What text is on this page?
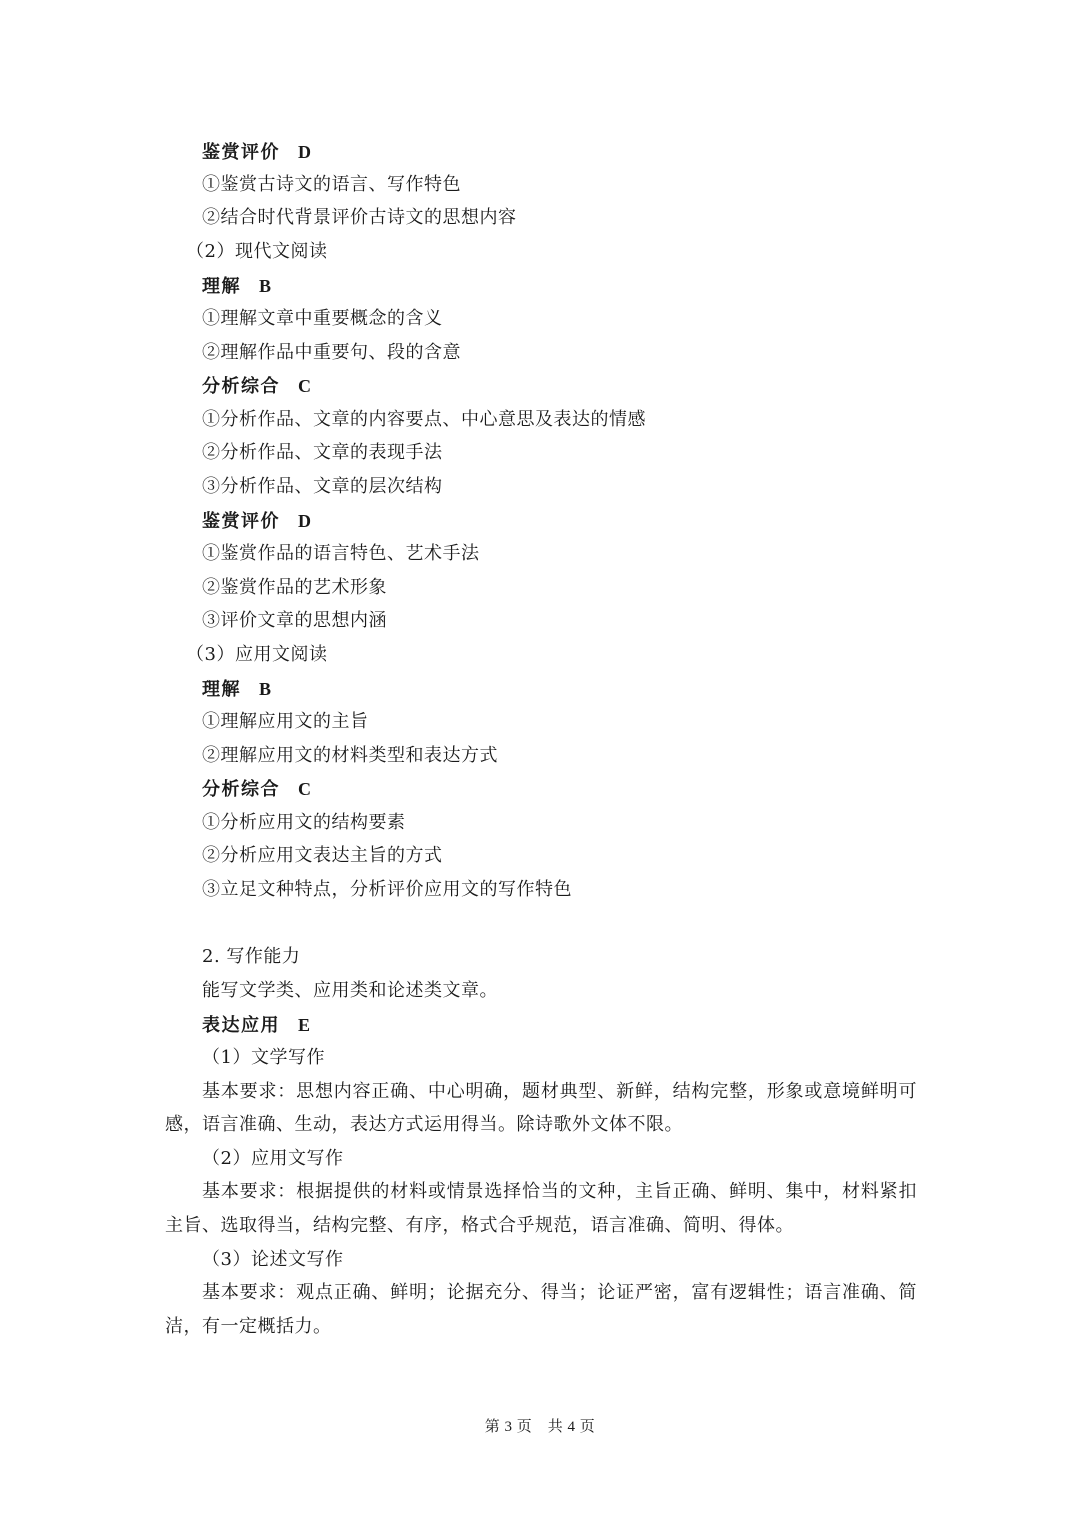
鉴赏评价 D
①鉴赏古诗文的语言、写作特色
②结合时代背景评价古诗文的思想内容
（2）现代文阅读
理解 B
①理解文章中重要概念的含义
②理解作品中重要句、段的含意
分析综合 C
①分析作品、文章的内容要点、中心意思及表达的情感
②分析作品、文章的表现手法
③分析作品、文章的层次结构
鉴赏评价 D
①鉴赏作品的语言特色、艺术手法
②鉴赏作品的艺术形象
③评价文章的思想内涵
（3）应用文阅读
理解 B
①理解应用文的主旨
②理解应用文的材料类型和表达方式
分析综合 C
①分析应用文的结构要素
②分析应用文表达主旨的方式
③立足文种特点，分析评价应用文的写作特色
2. 写作能力
能写文学类、应用类和论述类文章。
表达应用 E
（1）文学写作
基本要求：思想内容正确、中心明确，题材典型、新鲜，结构完整，形象或意境鲜明可
感，语言准确、生动，表达方式运用得当。除诗歌外文体不限。
（2）应用文写作
基本要求：根据提供的材料或情景选择恰当的文种，主旨正确、鲜明、集中，材料紧扣
主旨、选取得当，结构完整、有序，格式合乎规范，语言准确、简明、得体。
（3）论述文写作
基本要求：观点正确、鲜明；论据充分、得当；论证严密，富有逻辑性；语言准确、简
洁，有一定概括力。
第 3 页　共 4 页
